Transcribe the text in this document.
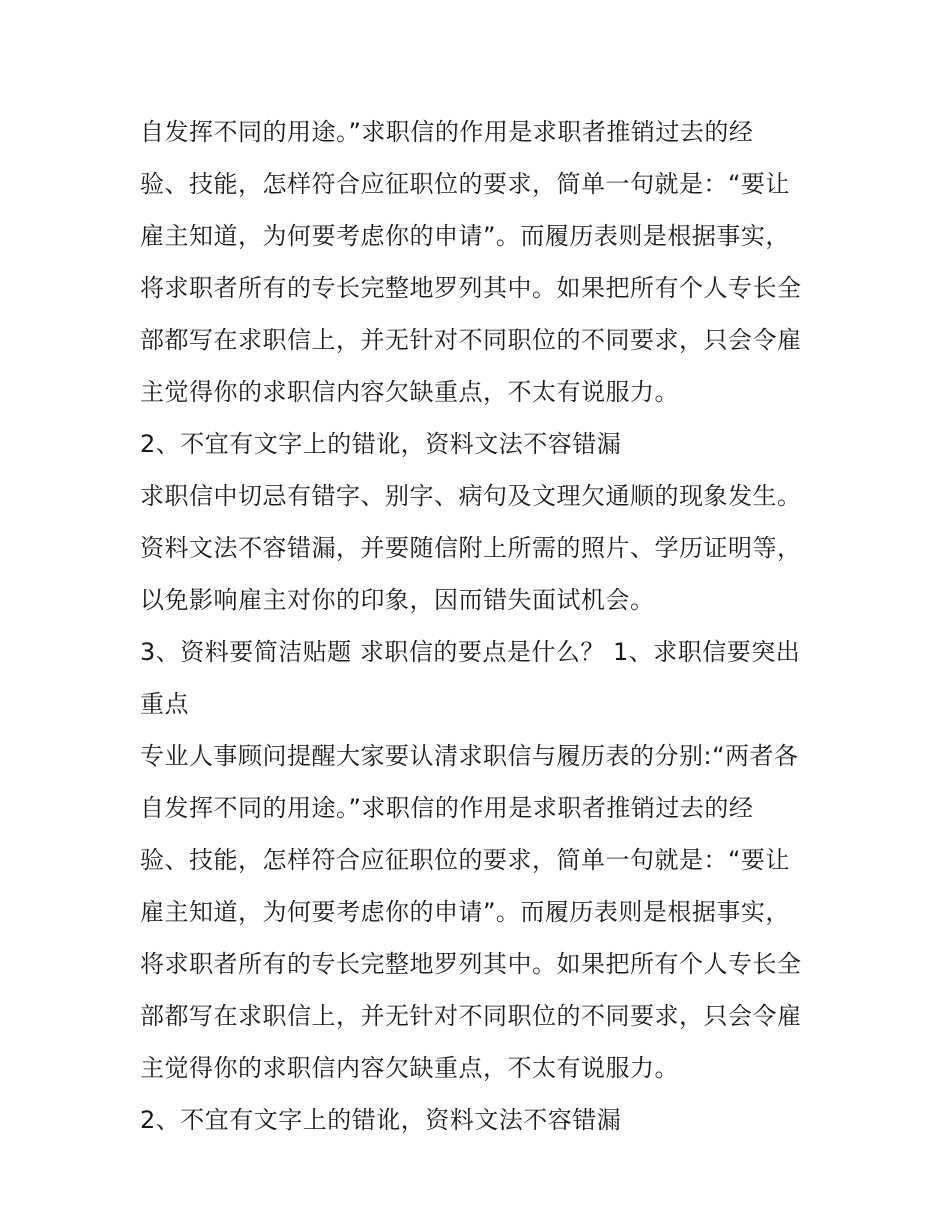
自发挥不同的用途。”求职信的作用是求职者推销过去的经
验、技能，怎样符合应征职位的要求，简单一句就是：“要让
雇主知道，为何要考虑你的申请”。而履历表则是根据事实，
将求职者所有的专长完整地罗列其中。如果把所有个人专长全
部都写在求职信上，并无针对不同职位的不同要求，只会令雇
主觉得你的求职信内容欠缺重点，不太有说服力。
2、不宜有文字上的错讹，资料文法不容错漏
求职信中切忌有错字、别字、病句及文理欠通顺的现象发生。
资料文法不容错漏，并要随信附上所需的照片、学历证明等，
以免影响雇主对你的印象，因而错失面试机会。
3、资料要简洁贴题 求职信的要点是什么？ 1、求职信要突出
重点
专业人事顾问提醒大家要认清求职信与履历表的分别:“两者各
自发挥不同的用途。”求职信的作用是求职者推销过去的经
验、技能，怎样符合应征职位的要求，简单一句就是：“要让
雇主知道，为何要考虑你的申请”。而履历表则是根据事实，
将求职者所有的专长完整地罗列其中。如果把所有个人专长全
部都写在求职信上，并无针对不同职位的不同要求，只会令雇
主觉得你的求职信内容欠缺重点，不太有说服力。
2、不宜有文字上的错讹，资料文法不容错漏
